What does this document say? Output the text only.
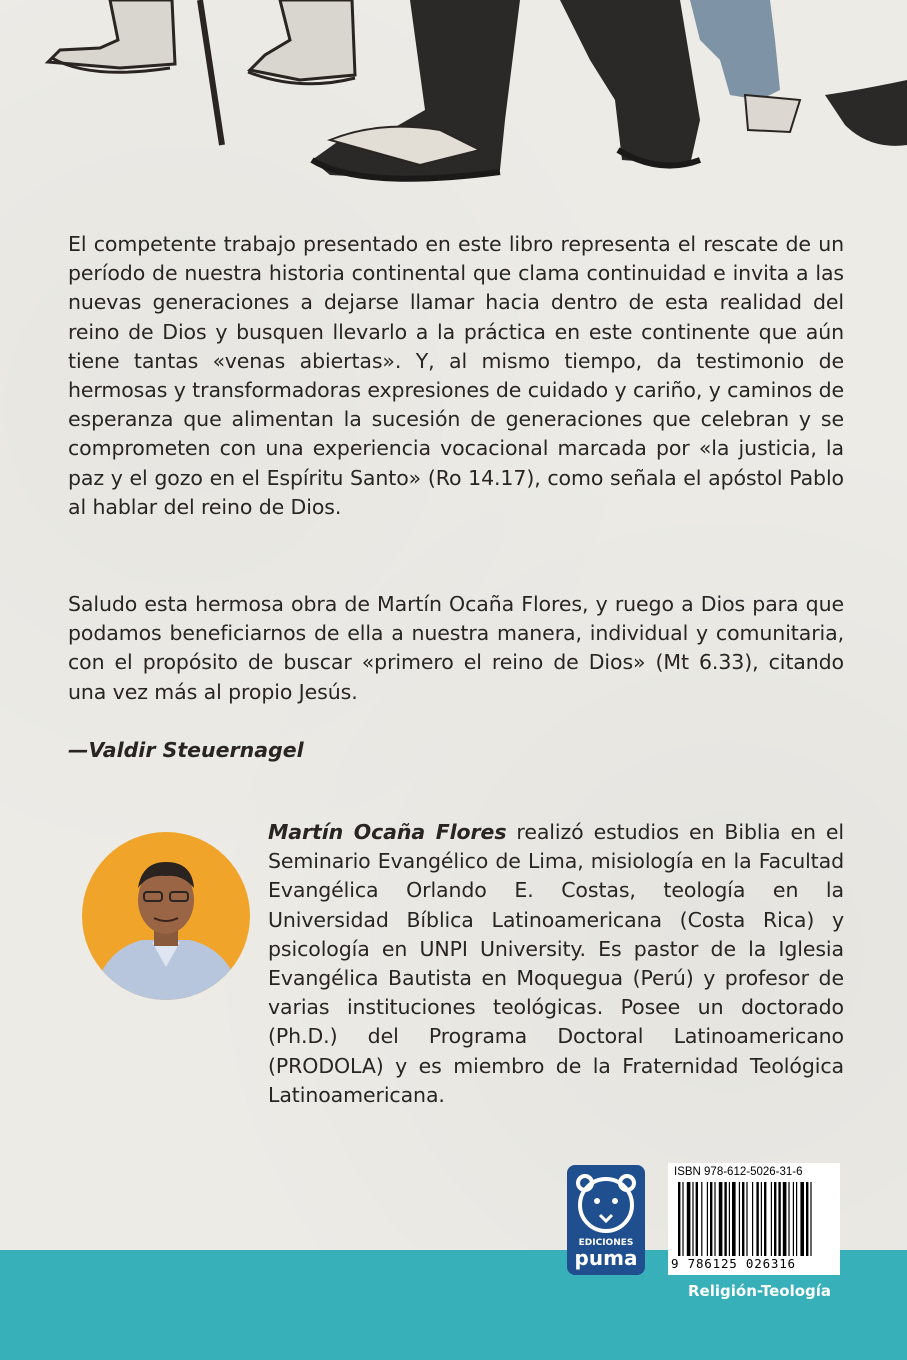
El competente trabajo presentado en este libro representa el rescate de un período de nuestra historia continental que clama continuidad e invita a las nuevas generaciones a dejarse llamar hacia dentro de esta realidad del reino de Dios y busquen llevarlo a la práctica en este continente que aún tiene tantas «venas abiertas». Y, al mismo tiempo, da testimonio de hermosas y transformadoras expresiones de cuidado y cariño, y caminos de esperanza que alimentan la sucesión de generaciones que celebran y se comprometen con una experiencia vocacional marcada por «la justicia, la paz y el gozo en el Espíritu Santo» (Ro 14.17), como señala el apóstol Pablo al hablar del reino de Dios.

Saludo esta hermosa obra de Martín Ocaña Flores, y ruego a Dios para que podamos beneficiarnos de ella a nuestra manera, individual y comunitaria, con el propósito de buscar «primero el reino de Dios» (Mt 6.33), citando una vez más al propio Jesús.

—Valdir Steuernagel

Martín Ocaña Flores realizó estudios en Biblia en el Seminario Evangélico de Lima, misiología en la Facultad Evangélica Orlando E. Costas, teología en la Universidad Bíblica Latinoamericana (Costa Rica) y psicología en UNPI University. Es pastor de la Iglesia Evangélica Bautista en Moquegua (Perú) y profesor de varias instituciones teológicas. Posee un doctorado (Ph.D.) del Programa Doctoral Latinoamericano (PRODOLA) y es miembro de la Fraternidad Teológica Latinoamericana.

EDICIONES
puma
ISBN 978-612-5026-31-6
9 786125 026316
Religión-Teología
